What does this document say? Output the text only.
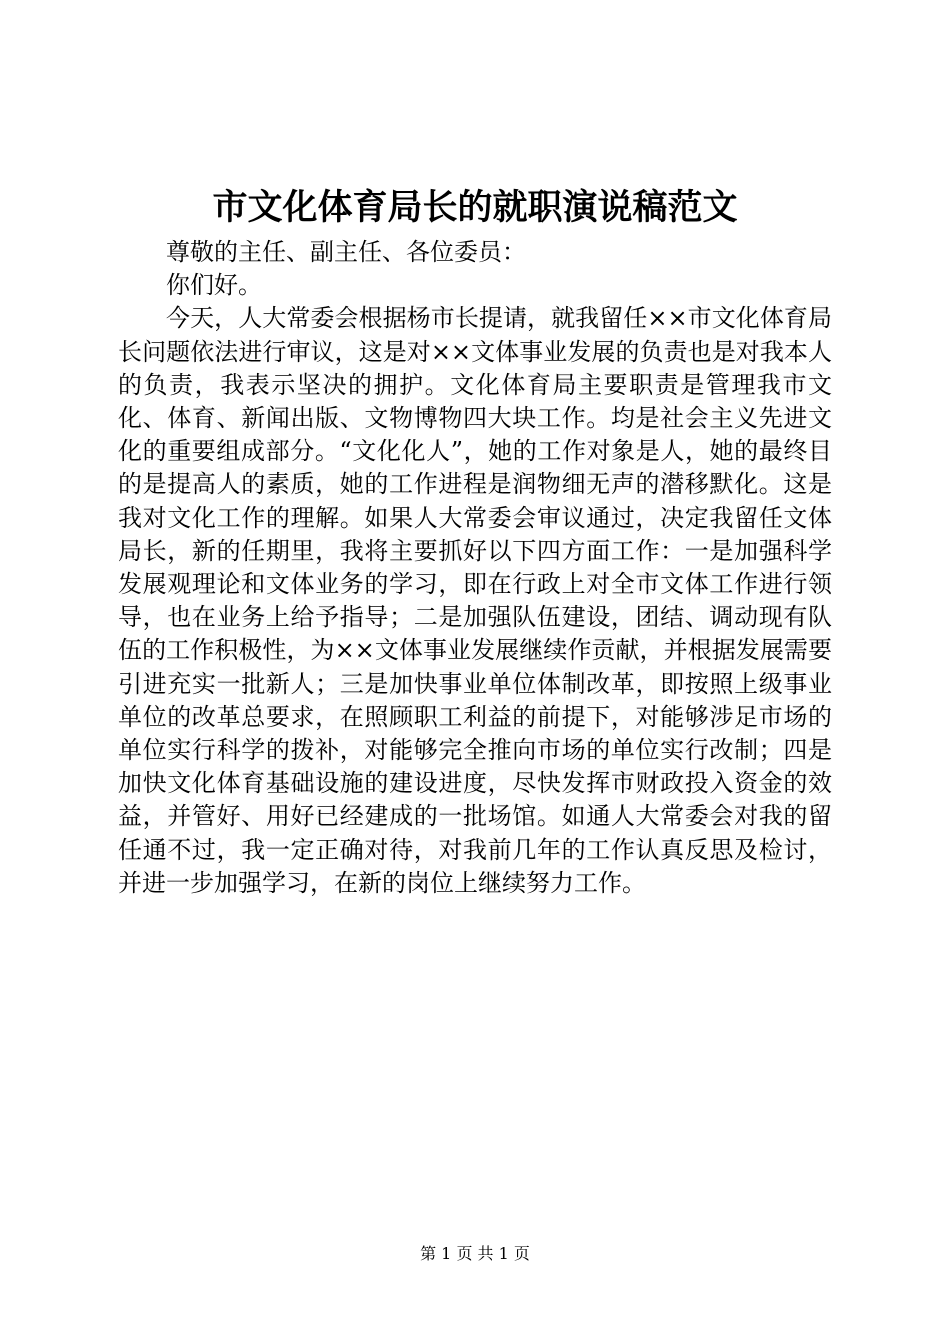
市文化体育局长的就职演说稿范文

尊敬的主任、副主任、各位委员：

你们好。

今天，人大常委会根据杨市长提请，就我留任××市文化体育局长问题依法进行审议，这是对××文体事业发展的负责也是对我本人的负责，我表示坚决的拥护。文化体育局主要职责是管理我市文化、体育、新闻出版、文物博物四大块工作。均是社会主义先进文化的重要组成部分。“文化化人”，她的工作对象是人，她的最终目的是提高人的素质，她的工作进程是润物细无声的潜移默化。这是我对文化工作的理解。如果人大常委会审议通过，决定我留任文体局长，新的任期里，我将主要抓好以下四方面工作：一是加强科学发展观理论和文体业务的学习，即在行政上对全市文体工作进行领导，也在业务上给予指导；二是加强队伍建设，团结、调动现有队伍的工作积极性，为××文体事业发展继续作贡献，并根据发展需要引进充实一批新人；三是加快事业单位体制改革，即按照上级事业单位的改革总要求，在照顾职工利益的前提下，对能够涉足市场的单位实行科学的拨补，对能够完全推向市场的单位实行改制；四是加快文化体育基础设施的建设进度，尽快发挥市财政投入资金的效益，并管好、用好已经建成的一批场馆。如通人大常委会对我的留任通不过，我一定正确对待，对我前几年的工作认真反思及检讨，并进一步加强学习，在新的岗位上继续努力工作。

第 1 页 共 1 页
